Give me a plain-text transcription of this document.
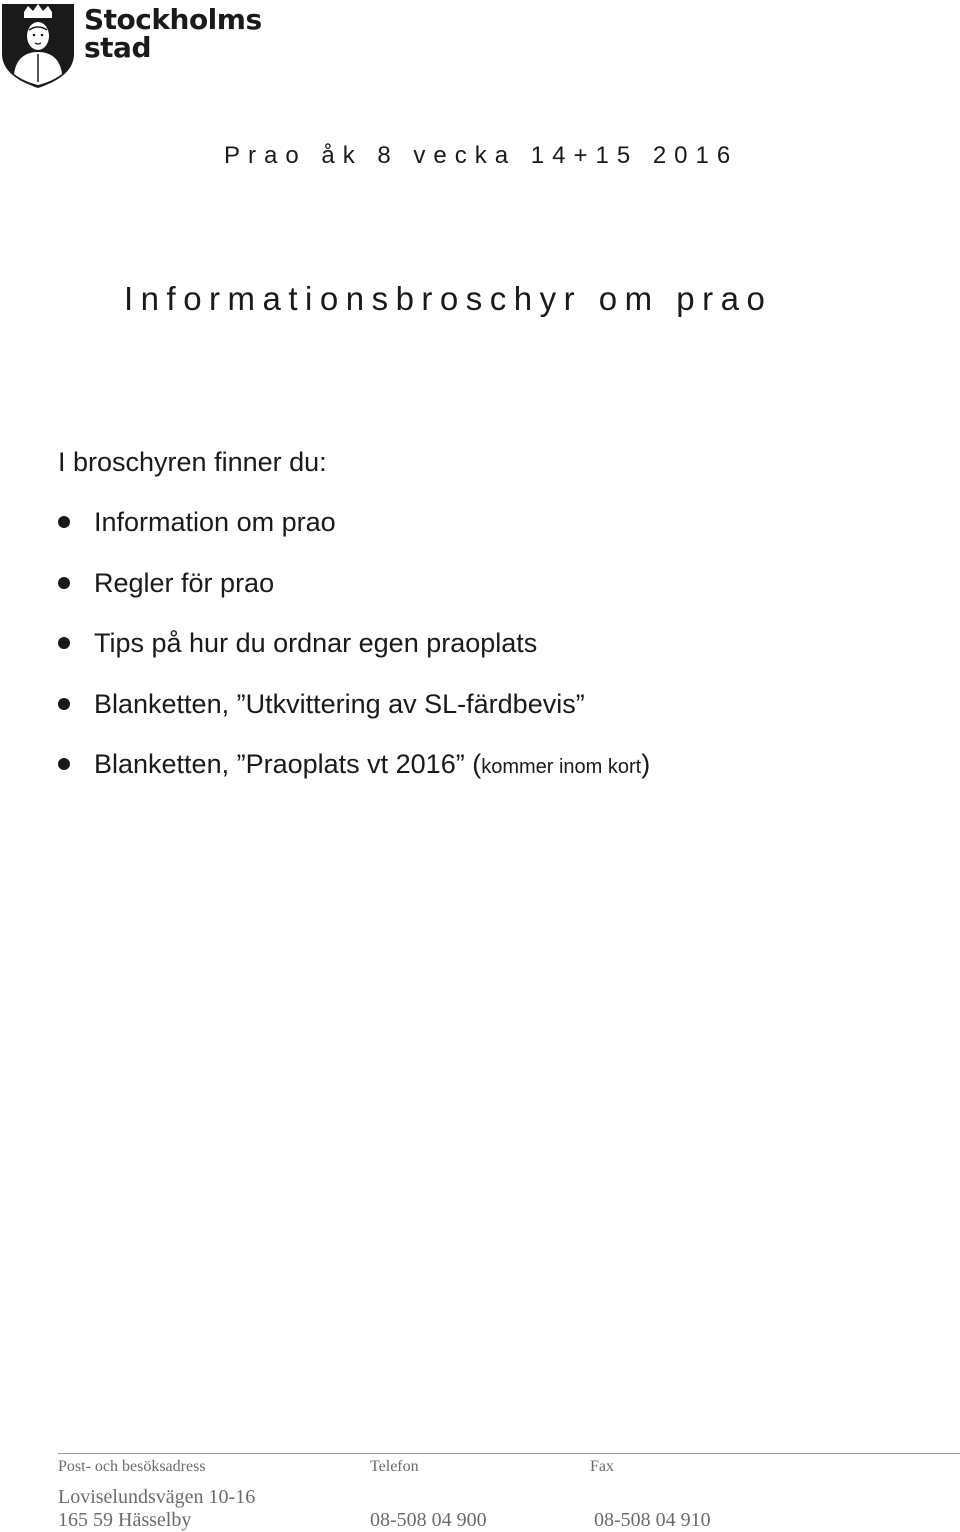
Stockholms
stad
Prao åk 8 vecka 14+15 2016
Informationsbroschyr om prao
I broschyren finner du:
Information om prao
Regler för prao
Tips på hur du ordnar egen praoplats
Blanketten, ”Utkvittering av SL-färdbevis”
Blanketten, ”Praoplats vt 2016” (kommer inom kort)
Post- och besöksadress	Telefon	Fax
Loviselundsvägen 10-16
165 59 Hässelby	08-508 04 900	08-508 04 910
